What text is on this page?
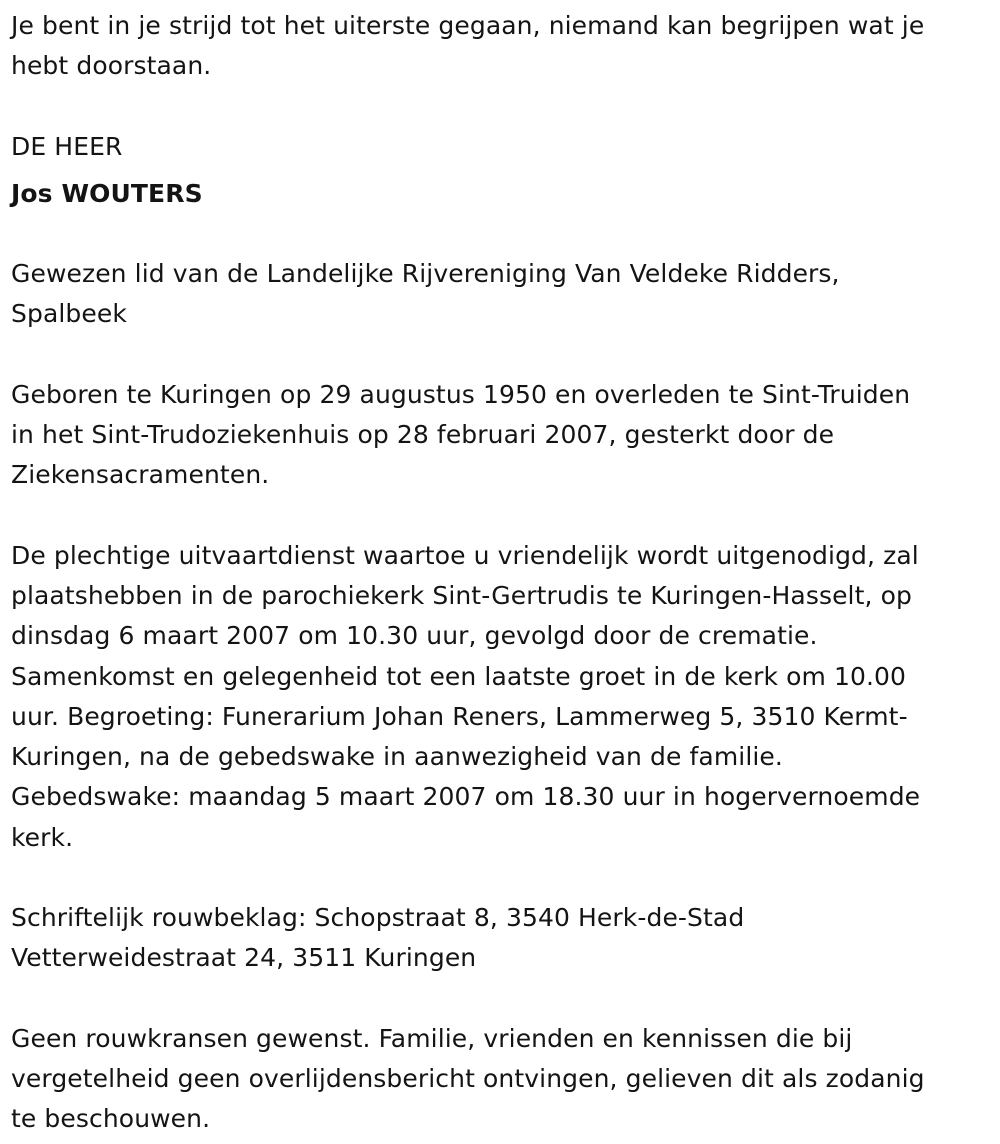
Je bent in je strijd tot het uiterste gegaan, niemand kan begrijpen wat je
hebt doorstaan.

DE HEER

Jos WOUTERS

Gewezen lid van de Landelijke Rijvereniging Van Veldeke Ridders,
Spalbeek

Geboren te Kuringen op 29 augustus 1950 en overleden te Sint-Truiden
in het Sint-Trudoziekenhuis op 28 februari 2007, gesterkt door de
Ziekensacramenten.

De plechtige uitvaartdienst waartoe u vriendelijk wordt uitgenodigd, zal
plaatshebben in de parochiekerk Sint-Gertrudis te Kuringen-Hasselt, op
dinsdag 6 maart 2007 om 10.30 uur, gevolgd door de crematie.
Samenkomst en gelegenheid tot een laatste groet in de kerk om 10.00
uur. Begroeting: Funerarium Johan Reners, Lammerweg 5, 3510 Kermt-
Kuringen, na de gebedswake in aanwezigheid van de familie.
Gebedswake: maandag 5 maart 2007 om 18.30 uur in hogervernoemde
kerk.

Schriftelijk rouwbeklag: Schopstraat 8, 3540 Herk-de-Stad
Vetterweidestraat 24, 3511 Kuringen

Geen rouwkransen gewenst. Familie, vrienden en kennissen die bij
vergetelheid geen overlijdensbericht ontvingen, gelieven dit als zodanig
te beschouwen.
